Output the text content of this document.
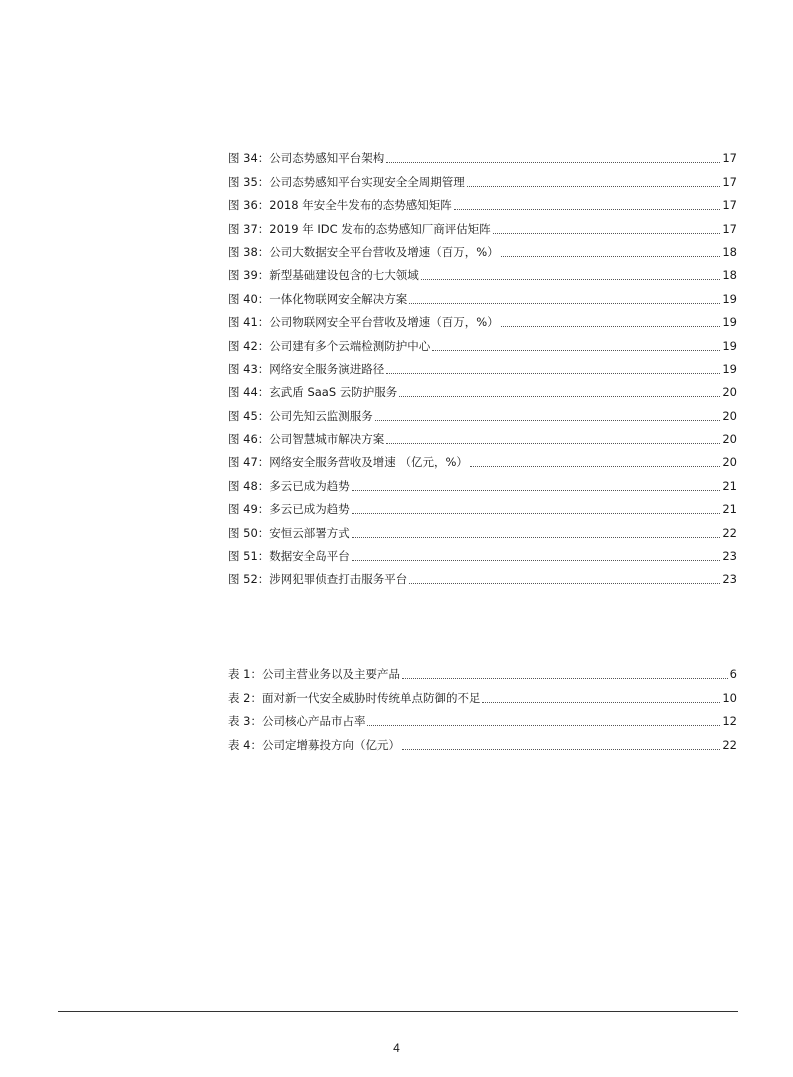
图 34：公司态势感知平台架构	17
图 35：公司态势感知平台实现安全全周期管理	17
图 36：2018 年安全牛发布的态势感知矩阵	17
图 37：2019 年 IDC 发布的态势感知厂商评估矩阵	17
图 38：公司大数据安全平台营收及增速（百万，%）	18
图 39：新型基础建设包含的七大领域	18
图 40：一体化物联网安全解决方案	19
图 41：公司物联网安全平台营收及增速（百万，%）	19
图 42：公司建有多个云端检测防护中心	19
图 43：网络安全服务演进路径	19
图 44：玄武盾 SaaS 云防护服务	20
图 45：公司先知云监测服务	20
图 46：公司智慧城市解决方案	20
图 47：网络安全服务营收及增速 （亿元，%）	20
图 48：多云已成为趋势	21
图 49：多云已成为趋势	21
图 50：安恒云部署方式	22
图 51：数据安全岛平台	23
图 52：涉网犯罪侦查打击服务平台	23
表 1：公司主营业务以及主要产品	6
表 2：面对新一代安全威胁时传统单点防御的不足	10
表 3：公司核心产品市占率	12
表 4：公司定增募投方向（亿元）	22
4
